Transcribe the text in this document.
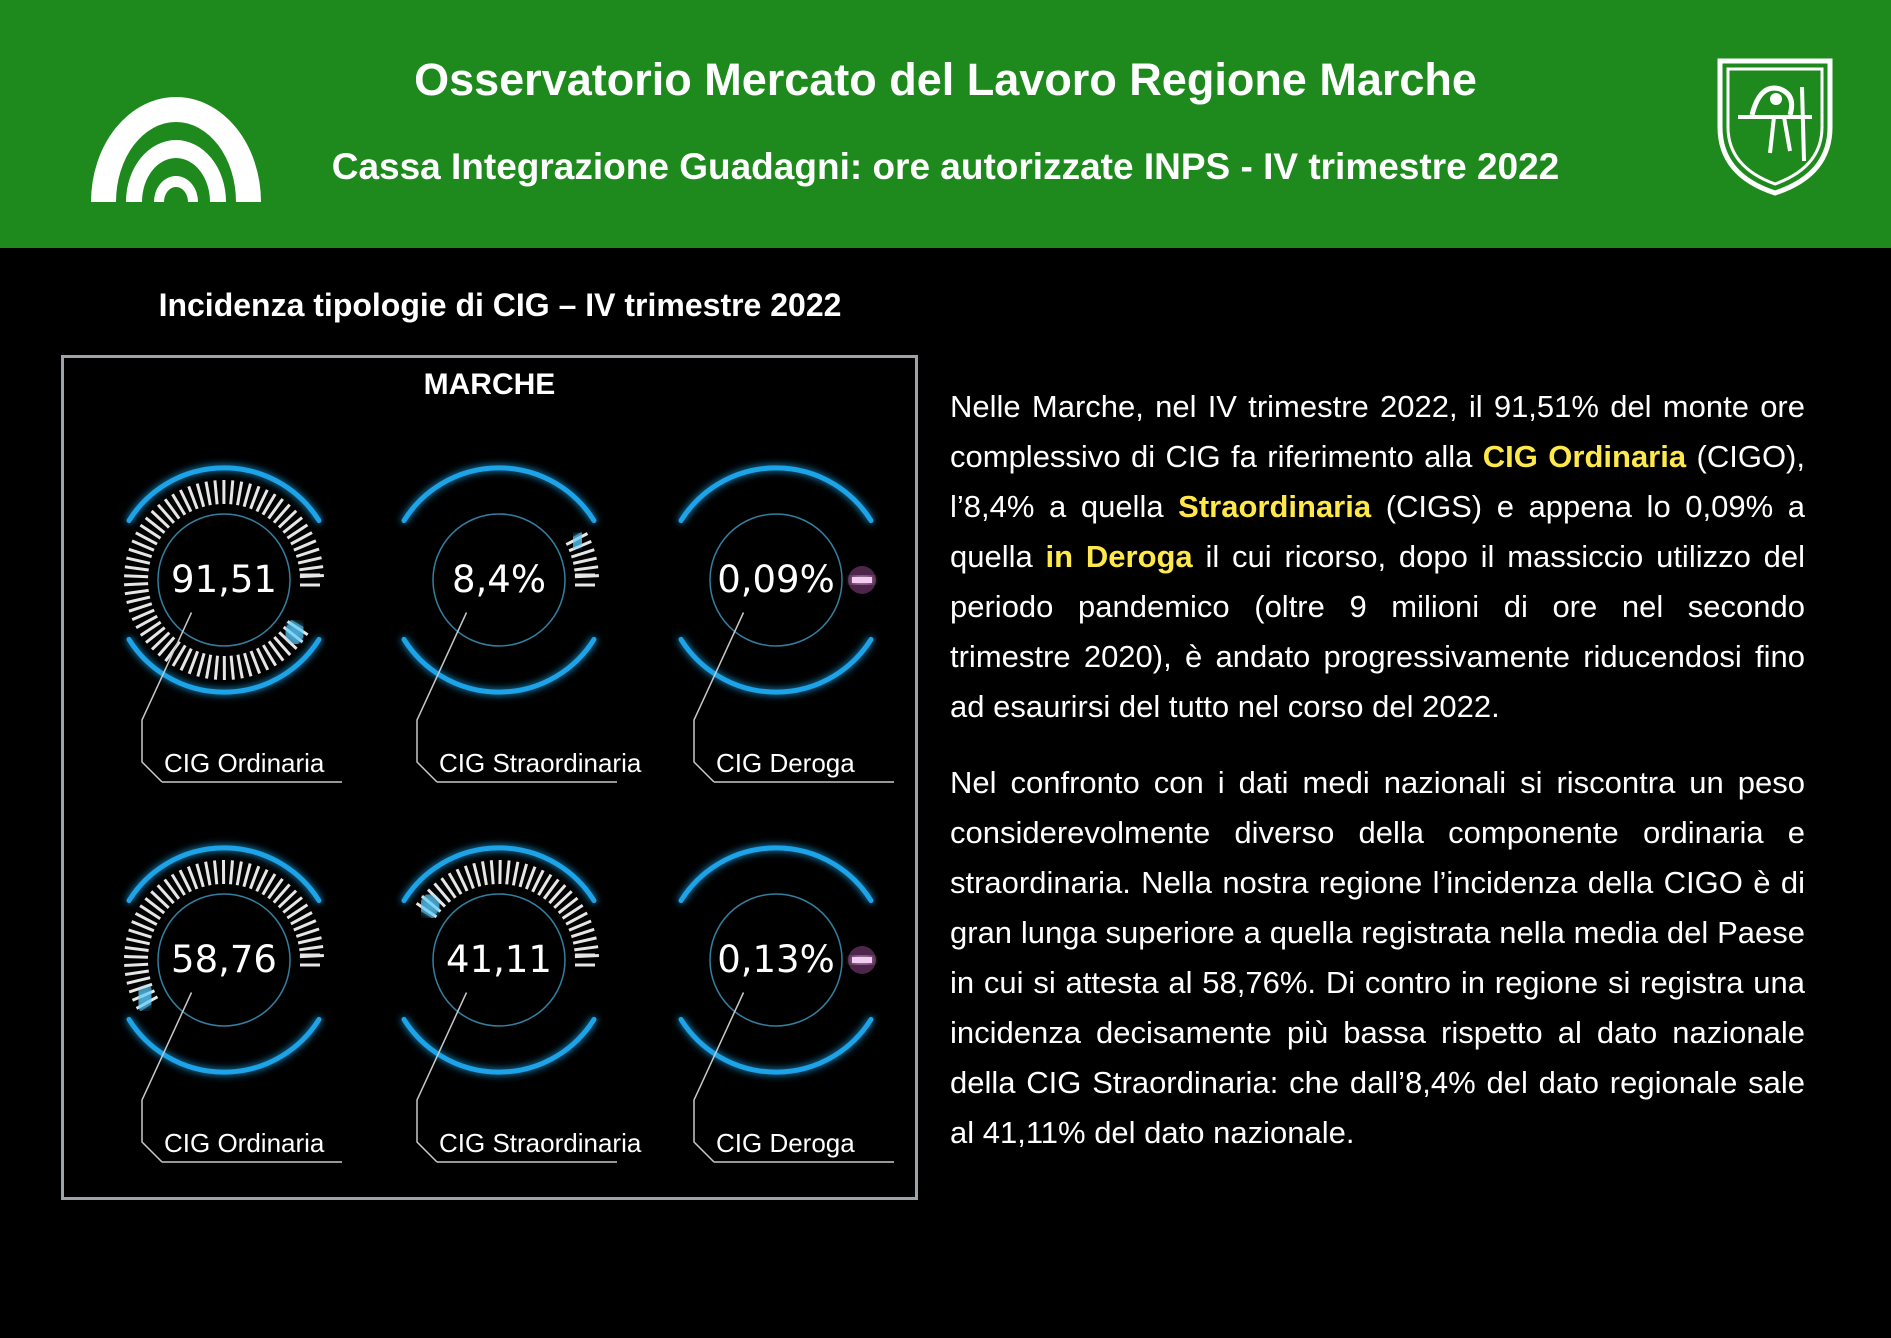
Osservatorio Mercato del Lavoro Regione Marche
Cassa Integrazione Guadagni: ore autorizzate INPS - IV trimestre 2022
Incidenza tipologie di CIG – IV trimestre 2022
MARCHE
91,51
CIG Ordinaria
8,4%
CIG Straordinaria
0,09%
CIG Deroga
58,76
CIG Ordinaria
41,11
CIG Straordinaria
0,13%
CIG Deroga

Nelle Marche, nel IV trimestre 2022, il 91,51% del monte ore complessivo di CIG fa riferimento alla CIG Ordinaria (CIGO), l’8,4% a quella Straordinaria (CIGS) e appena lo 0,09% a quella in Deroga il cui ricorso, dopo il massiccio utilizzo del periodo pandemico (oltre 9 milioni di ore nel secondo trimestre 2020), è andato progressivamente riducendosi fino ad esaurirsi del tutto nel corso del 2022.

Nel confronto con i dati medi nazionali si riscontra un peso considerevolmente diverso della componente ordinaria e straordinaria. Nella nostra regione l’incidenza della CIGO è di gran lunga superiore a quella registrata nella media del Paese in cui si attesta al 58,76%. Di contro in regione si registra una incidenza decisamente più bassa rispetto al dato nazionale della CIG Straordinaria: che dall’8,4% del dato regionale sale al 41,11% del dato nazionale.
